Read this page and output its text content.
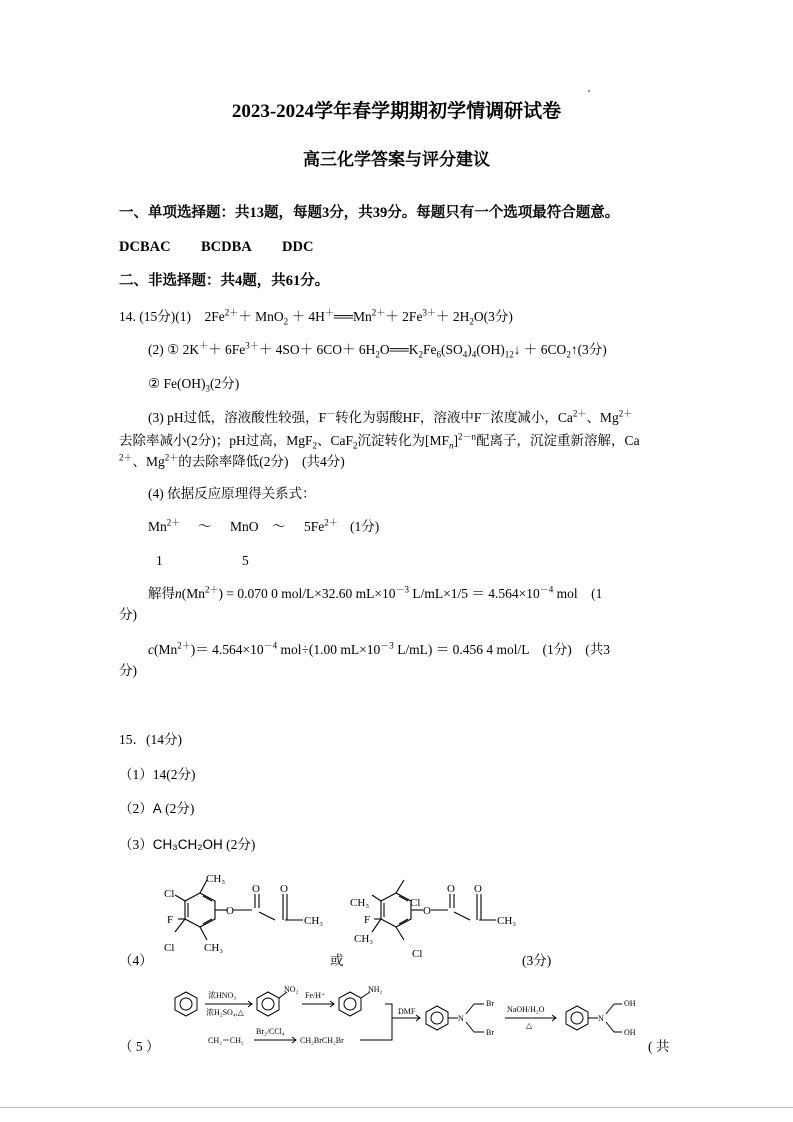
2023-2024学年春学期期初学情调研试卷
高三化学答案与评分建议
一、单项选择题：共13题，每题3分，共39分。每题只有一个选项最符合题意。
DCBAC BCDBA DDC
二、非选择题：共4题，共61分。
14. (15分)(1)　$2Fe^{2+}+ MnO_2$ ＋ $4H^+══Mn^{2+}+ 2Fe^{3+}+ 2H_2O(3$分)
(2) ① $2K^++ 6Fe^{3+}+ 4SO+ 6CO+$ $6H_2O══K_2Fe_6(SO_4)_4(OH)_{12}↓$ ＋ $6CO_2↑(3$分)
② $Fe(OH)_3(2$分)
(3) pH过低，溶液酸性较强，F－转化为弱酸HF，溶液中F－浓度减小，$Ca^{2+}$、$Mg^{2+}$
去除率减小(2分)；pH过高，MgF$_2$、CaF$_2$沉淀转化为$[MF_n]^{2-n}$配离子，沉淀重新溶解，Ca
$^{2+}$、$Mg^{2+}$的去除率降低(2分)　(共4分)
(4) 依据反应原理得关系式：
$Mn^{2+}$ ～ MnO ～ $5Fe^{2+}$ (1分)
1	5
解得$n(Mn^{2+}) = 0.070$ 0 mol/L×32.60 $mL\times 10^{-3}$ $L/mL\times 1/5 = 4.564\times 10^{-4}$ mol　(1
分)
$c(Mn^{2+})= 4.564\times 10^{-4}$ mol÷(1.00 $mL\times 10^{-3}$ L/mL) ＝ 0.456 4 mol/L　(1分)　(共3
分)
15．(14分)
（1）14(2分)
（2）A (2分)
（3）CH₃CH₂OH (2分)
Cl
CH₃
F
Cl	CH₃
O
O O
CH₃
CH₃	Cl
F
CH₃
Cl
O
O O
CH₃
（4）	或	(3分)
浓HNO₃
浓H₂SO₄,△
NO₂
Fe/H⁺
NH₂
DMF
N
Br
Br
NaOH/H₂O
△
N
OH
OH
CH₂＝CH₂
Br₂/CCl₄
CH₂BrCH₂Br
（ 5 ）	( 共
